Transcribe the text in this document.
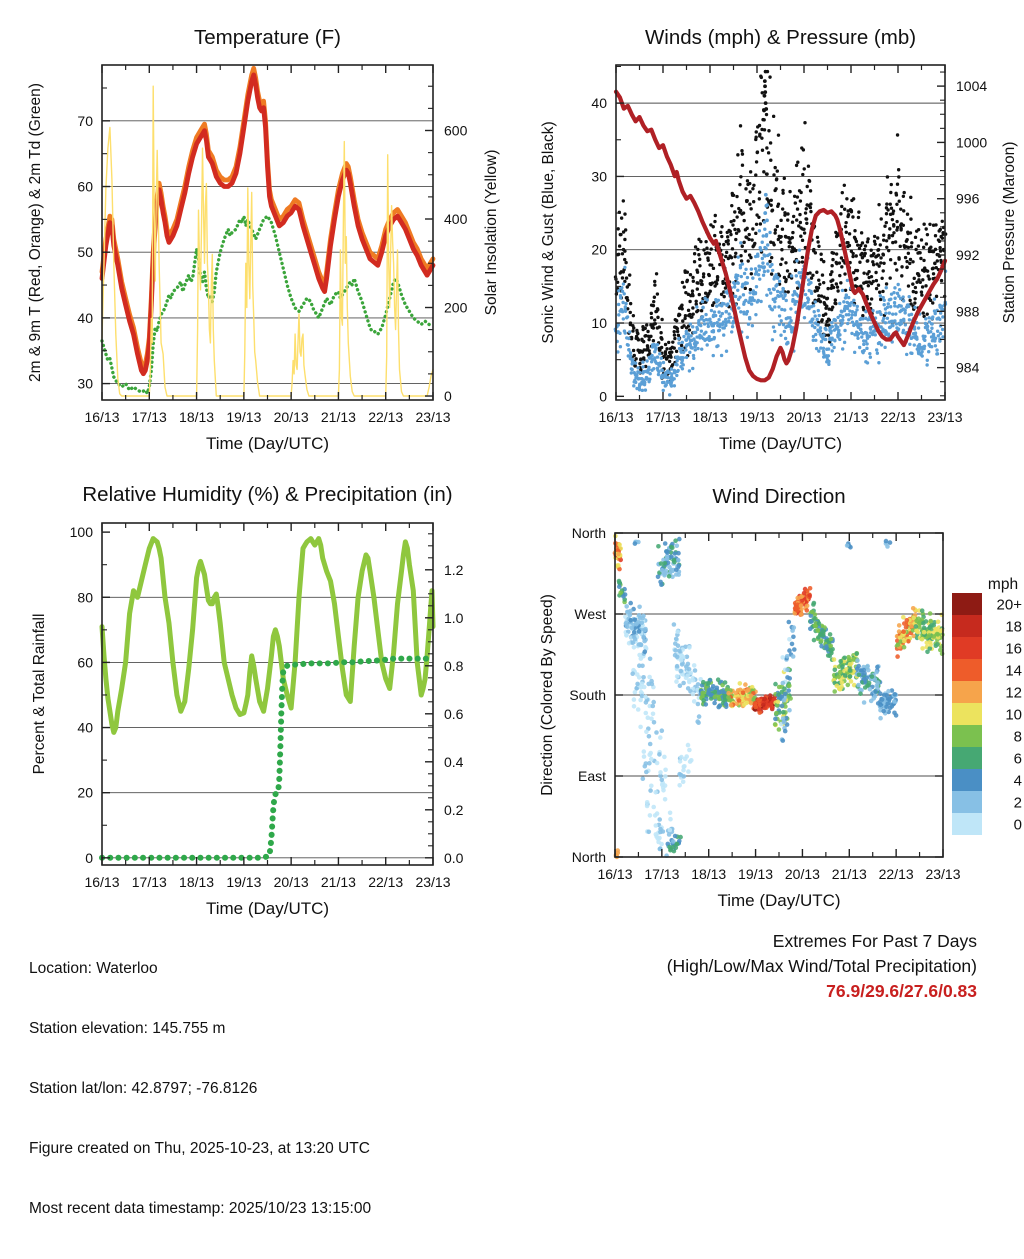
16/13 17/13 18/13 19/13 20/13 21/13 22/13 23/13
30
40
50
60
70
0
200
400
600
Temperature (F)
Time (Day/UTC)
2m & 9m T (Red, Orange) & 2m Td (Green)	Solar Insolation (Yellow)
16/13 17/13 18/13 19/13 20/13 21/13 22/13 23/13
0
10
20
30
40
984
988
992
996
1000
1004
Winds (mph) & Pressure (mb)
Time (Day/UTC)
Sonic Wind & Gust (Blue, Black)	Station Pressure (Maroon)
16/13 17/13 18/13 19/13 20/13 21/13 22/13 23/13
0
20
40
60
80
100
0.0
0.2
0.4
0.6
0.8
1.0
1.2
Relative Humidity (%) & Precipitation (in)
Time (Day/UTC)
Percent & Total Rainfall
16/13 17/13 18/13 19/13 20/13 21/13 22/13 23/13
North
East
South
West
North
Wind Direction
Time (Day/UTC)
Direction (Colored By Speed)
mph
20+
18
16
14
12
10
8
6
4
2
0

Location: Waterloo

Station elevation: 145.755 m

Station lat/lon: 42.8797; -76.8126

Figure created on Thu, 2025-10-23, at 13:20 UTC

Most recent data timestamp: 2025/10/23 13:15:00

Extremes For Past 7 Days
(High/Low/Max Wind/Total Precipitation)
76.9/29.6/27.6/0.83
